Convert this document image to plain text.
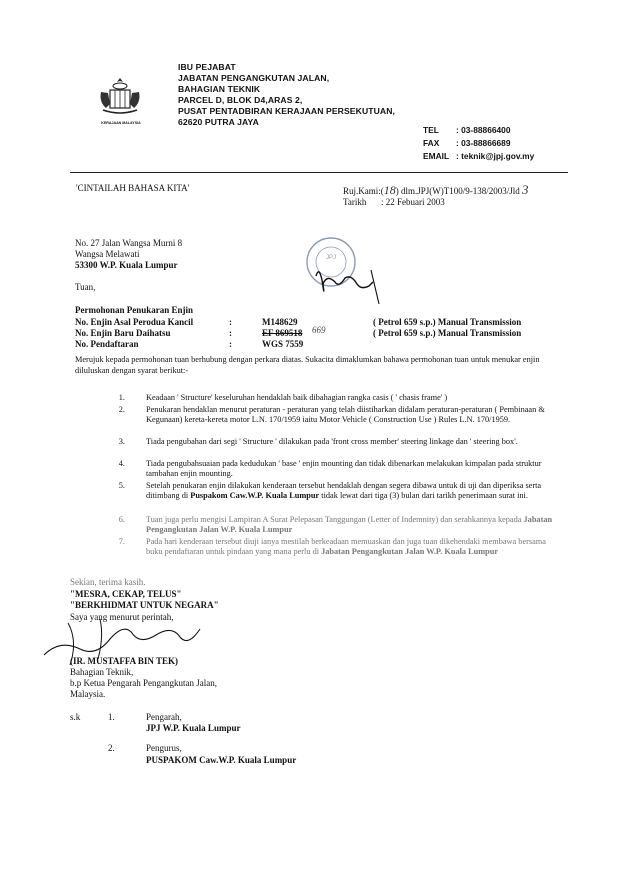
KERAJAAN MALAYSIA
IBU PEJABAT
JABATAN PENGANGKUTAN JALAN,
BAHAGIAN TEKNIK
PARCEL D, BLOK D4,ARAS 2,
PUSAT PENTADBIRAN KERAJAAN PERSEKUTUAN,
62620 PUTRA JAYA
TEL : 03-88866400
FAX : 03-88866689
EMAIL : teknik@jpj.gov.my
'CINTAILAH BAHASA KITA'	Ruj.Kami:(18) dlm.JPJ(W)T100/9-138/2003/Jld 3
Tarikh : 22 Febuari 2003
No. 27 Jalan Wangsa Murni 8
Wangsa Melawati
53300 W.P. Kuala Lumpur
JPJ
Tuan,
Permohonan Penukaran Enjin
No. Enjin Asal Perodua Kancil	:	M148629	( Petrol 659 s.p.) Manual Transmission
No. Enjin Baru Daihatsu	:	EF 869518 669	( Petrol 659 s.p.) Manual Transmission
No. Pendaftaran	:	WGS 7559
Merujuk kepada permohonan tuan berhubung dengan perkara diatas. Sukacita dimaklumkan bahawa permohonan tuan untuk menukar enjin diluluskan dengan syarat berikut:-
1.	Keadaan ' Structure' keseluruhan hendaklah baik dibahagian rangka casis ( ' chasis frame' )
2.	Penukaran hendaklan menurut peraturan - peraturan yang telah diistiharkan didalam peraturan-peraturan ( Pembinaan & Kegunaan) kereta-kereta motor L.N. 170/1959 iaitu Motor Vehicle ( Construction Use ) Rules L.N. 170/1959.
3.	Tiada pengubahan dari segi ' Structure ' dilakukan pada 'front cross member' steering linkage dan ' steering box'.
4.	Tiada pengubahsuaian pada kedudukan ' base ' enjin mounting dan tidak dibenarkan melakukan kimpalan pada struktur tambahan enjin mounting.
5.	Setelah penukaran enjin dilakukan kenderaan tersebut hendaklah dengan segera dibawa untuk di uji dan diperiksa serta ditimbang di Puspakom Caw.W.P. Kuala Lumpur tidak lewat dari tiga (3) bulan dari tarikh penerimaan surat ini.
6.	Tuan juga perlu mengisi Lampiran A Surat Pelepasan Tanggungan (Letter of Indemnity) dan serahkannya kepada Jabatan Pengangkutan Jalan W.P. Kuala Lumpur
7.	Pada hari kenderaan tersebut diuji ianya mestilah berkeadaan memuaskan dan juga tuan dikehendaki membawa bersama buku pendaftaran untuk pindaan yang mana perlu di Jabatan Pengangkutan Jalan W.P. Kuala Lumpur
Sekian, terima kasih.
"MESRA, CEKAP, TELUS"
"BERKHIDMAT UNTUK NEGARA"
Saya yang menurut perintah,
(IR. MUSTAFFA BIN TEK)
Bahagian Teknik,
b.p Ketua Pengarah Pengangkutan Jalan,
Malaysia.
s.k	1.	Pengarah,
JPJ W.P. Kuala Lumpur
2.	Pengurus,
PUSPAKOM Caw.W.P. Kuala Lumpur
